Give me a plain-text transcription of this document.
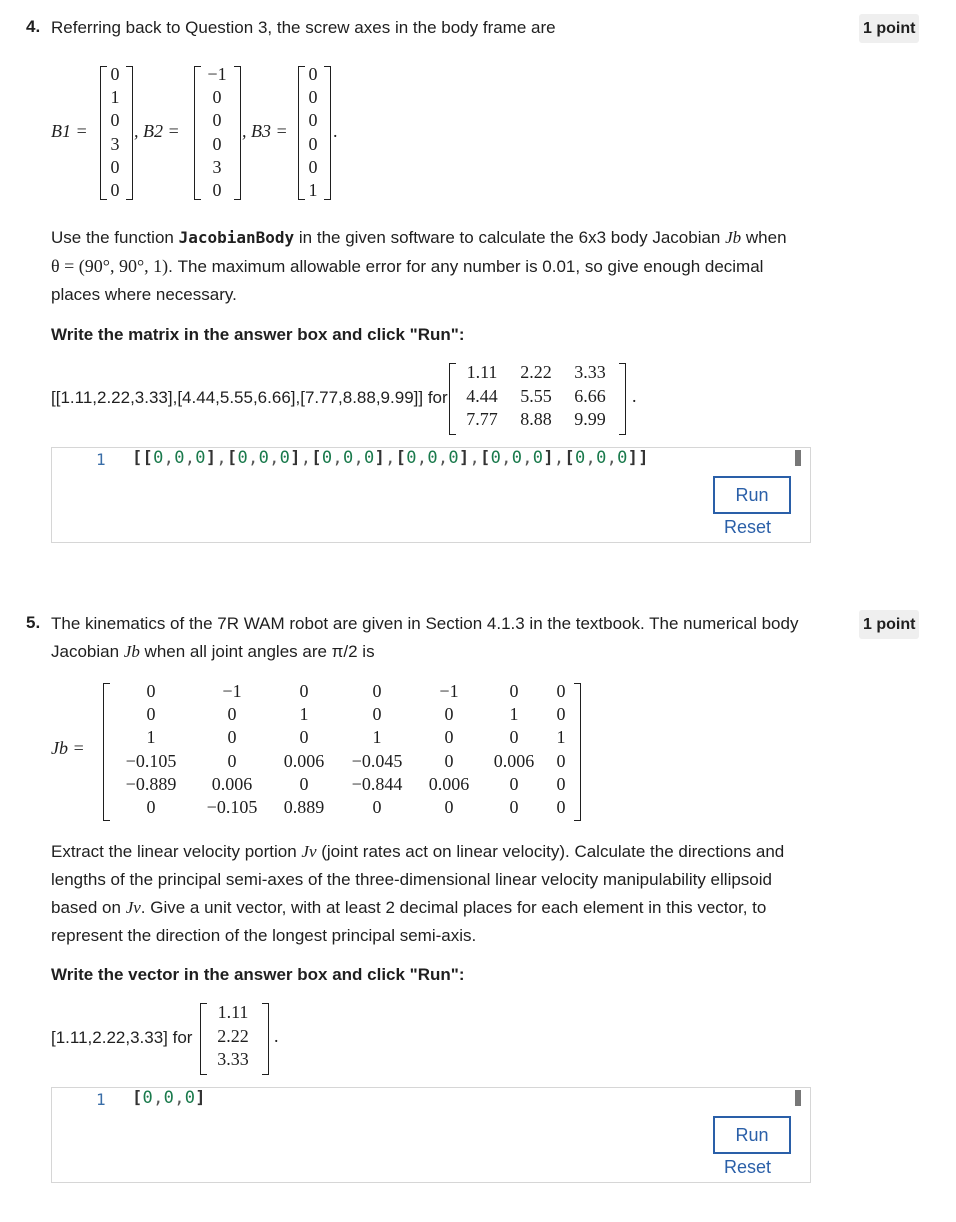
4. Referring back to Question 3, the screw axes in the body frame are	1 point
B1 =
0
1
0
3
0
0
, B2 =
−1
0
0
0
3
0
, B3 =
0
0
0
0
0
1
.
Use the function JacobianBody in the given software to calculate the 6x3 body Jacobian Jb when
θ = (90°, 90°, 1). The maximum allowable error for any number is 0.01, so give enough decimal
places where necessary.
Write the matrix in the answer box and click "Run":
[[1.11,2.22,3.33],[4.44,5.55,6.66],[7.77,8.88,9.99]] for
1.11 2.22 3.33
4.44 5.55 6.66
7.77 8.88 9.99
.
1 [[0,0,0],[0,0,0],[0,0,0],[0,0,0],[0,0,0],[0,0,0]]
Run
Reset
5. The kinematics of the 7R WAM robot are given in Section 4.1.3 in the textbook. The numerical body
Jacobian Jb when all joint angles are π/2 is
1 point
Jb =
0	−1	0	0	−1	0	0
0	0	1	0	0	1	0
1	0	0	1	0	0	1
−0.105	0	0.006	−0.045	0	0.006	0
−0.889	0.006	0	−0.844	0.006	0	0
0	−0.105	0.889	0	0	0	0
Extract the linear velocity portion Jv (joint rates act on linear velocity). Calculate the directions and
lengths of the principal semi-axes of the three-dimensional linear velocity manipulability ellipsoid
based on Jv. Give a unit vector, with at least 2 decimal places for each element in this vector, to
represent the direction of the longest principal semi-axis.
Write the vector in the answer box and click "Run":
[1.11,2.22,3.33] for
1.11
2.22
3.33
.
1 [0,0,0]
Run
Reset
